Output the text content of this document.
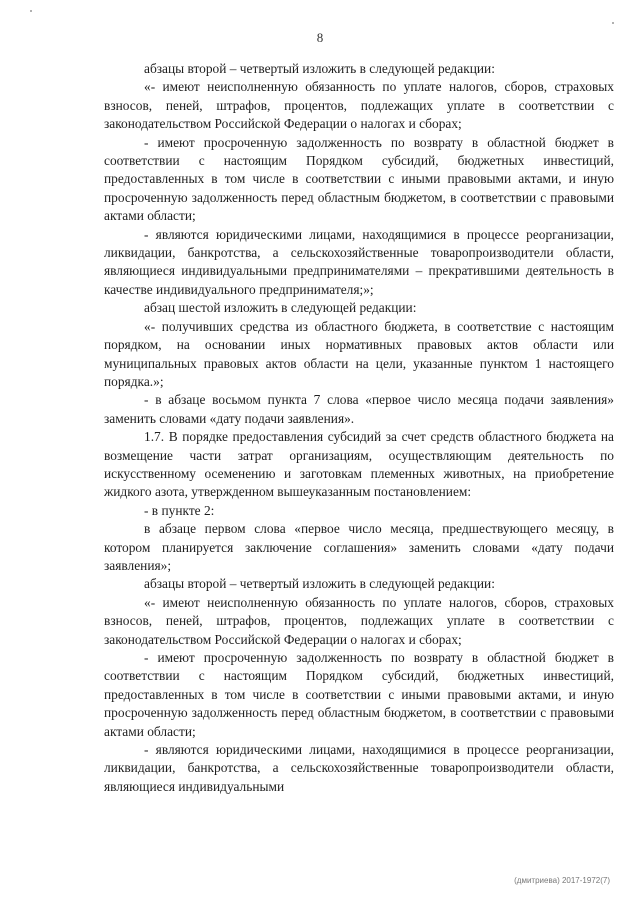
8

абзацы второй – четвертый изложить в следующей редакции:

«- имеют неисполненную обязанность по уплате налогов, сборов, страховых взносов, пеней, штрафов, процентов, подлежащих уплате в соответствии с законодательством Российской Федерации о налогах и сборах;

- имеют просроченную задолженность по возврату в областной бюджет в соответствии с настоящим Порядком субсидий, бюджетных инвестиций, предоставленных в том числе в соответствии с иными правовыми актами, и иную просроченную задолженность перед областным бюджетом, в соответствии с правовыми актами области;

- являются юридическими лицами, находящимися в процессе реорганизации, ликвидации, банкротства, а сельскохозяйственные товаропроизводители области, являющиеся индивидуальными предпринимателями – прекратившими деятельность в качестве индивидуального предпринимателя;»;

абзац шестой изложить в следующей редакции:

«- получивших средства из областного бюджета, в соответствие с настоящим порядком, на основании иных нормативных правовых актов области или муниципальных правовых актов области на цели, указанные пунктом 1 настоящего порядка.»;

- в абзаце восьмом пункта 7 слова «первое число месяца подачи заявления» заменить словами «дату подачи заявления».

1.7. В порядке предоставления субсидий за счет средств областного бюджета на возмещение части затрат организациям, осуществляющим деятельность по искусственному осеменению и заготовкам племенных животных, на приобретение жидкого азота, утвержденном вышеуказанным постановлением:

- в пункте 2:

в абзаце первом слова «первое число месяца, предшествующего месяцу, в котором планируется заключение соглашения» заменить словами «дату подачи заявления»;

абзацы второй – четвертый изложить в следующей редакции:

«- имеют неисполненную обязанность по уплате налогов, сборов, страховых взносов, пеней, штрафов, процентов, подлежащих уплате в соответствии с законодательством Российской Федерации о налогах и сборах;

- имеют просроченную задолженность по возврату в областной бюджет в соответствии с настоящим Порядком субсидий, бюджетных инвестиций, предоставленных в том числе в соответствии с иными правовыми актами, и иную просроченную задолженность перед областным бюджетом, в соответствии с правовыми актами области;

- являются юридическими лицами, находящимися в процессе реорганизации, ликвидации, банкротства, а сельскохозяйственные товаропроизводители области, являющиеся индивидуальными

(дмитриева) 2017-1972(7)
